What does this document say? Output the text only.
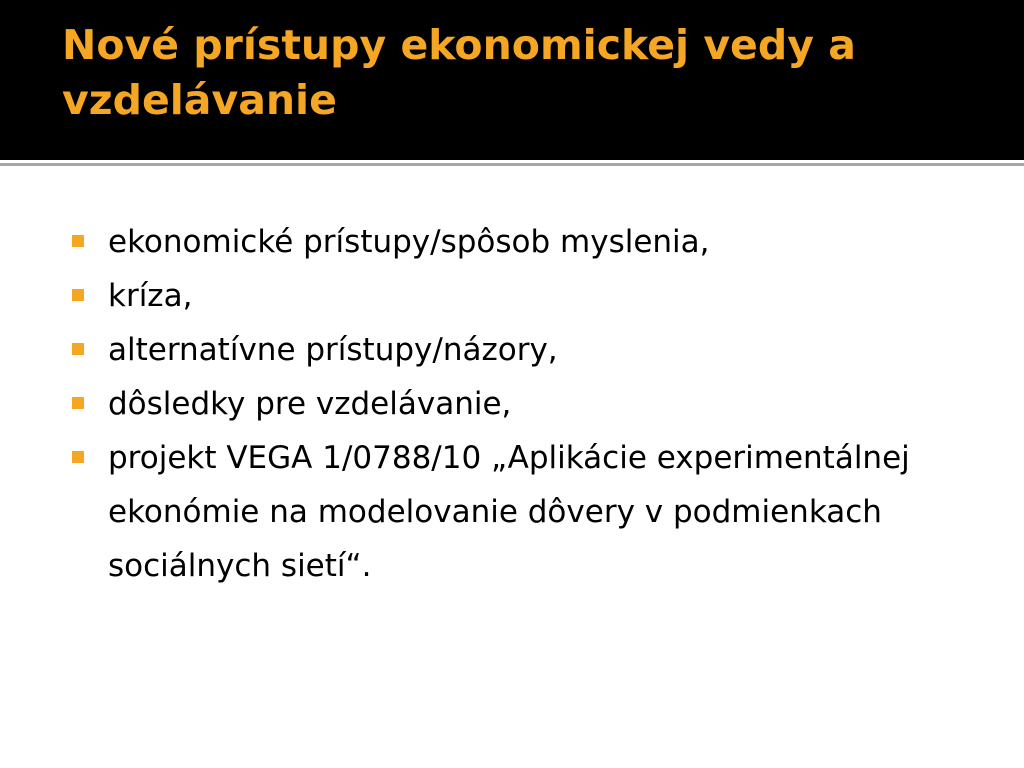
Nové prístupy ekonomickej vedy a vzdelávanie
ekonomické prístupy/spôsob myslenia,
kríza,
alternatívne prístupy/názory,
dôsledky pre vzdelávanie,
projekt VEGA 1/0788/10 „Aplikácie experimentálnej ekonómie na modelovanie dôvery v podmienkach sociálnych sietí“.
